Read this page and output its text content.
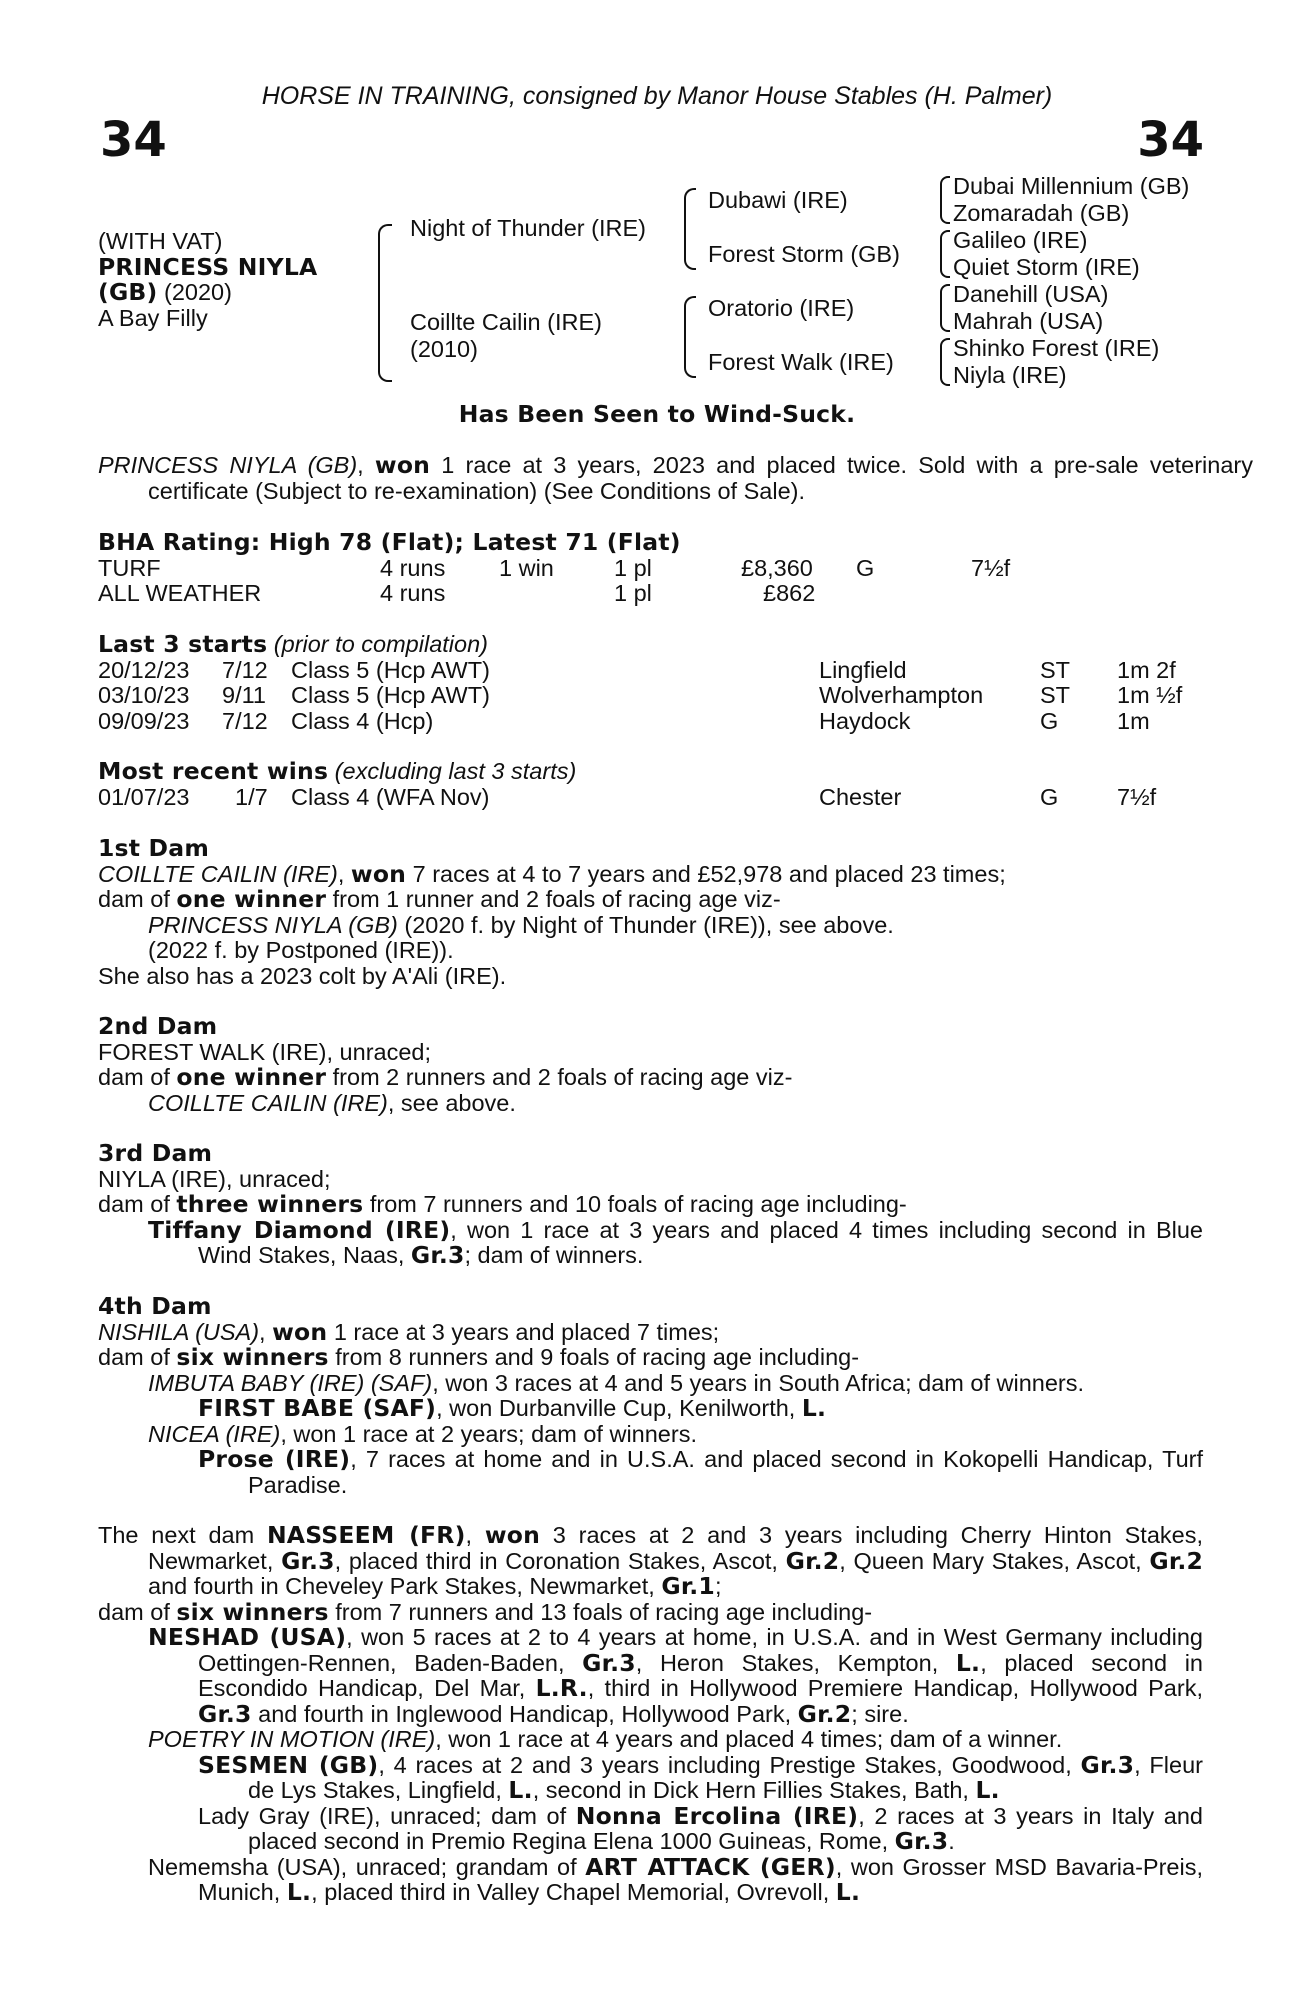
HORSE IN TRAINING, consigned by Manor House Stables (H. Palmer)
34	34
(WITH VAT)
PRINCESS NIYLA
(GB) (2020)
A Bay Filly
Night of Thunder (IRE)
Coillte Cailin (IRE)
(2010)
Dubawi (IRE)
Forest Storm (GB)
Oratorio (IRE)
Forest Walk (IRE)
Dubai Millennium (GB)
Zomaradah (GB)
Galileo (IRE)
Quiet Storm (IRE)
Danehill (USA)
Mahrah (USA)
Shinko Forest (IRE)
Niyla (IRE)
Has Been Seen to Wind-Suck.
PRINCESS NIYLA (GB), won 1 race at 3 years, 2023 and placed twice. Sold with a pre-sale veterinary certificate (Subject to re-examination) (See Conditions of Sale).
BHA Rating: High 78 (Flat); Latest 71 (Flat)
TURF	4 runs 1 win	1 pl	£8,360 G	7½f
ALL WEATHER	4 runs	1 pl	£862
Last 3 starts (prior to compilation)
20/12/23 7/12 Class 5 (Hcp AWT)	Lingfield	ST 1m 2f
03/10/23 9/11 Class 5 (Hcp AWT)	Wolverhampton ST 1m ½f
09/09/23 7/12 Class 4 (Hcp)	Haydock	G 1m
Most recent wins (excluding last 3 starts)
01/07/23 1/7 Class 4 (WFA Nov)	Chester	G 7½f
1st Dam
COILLTE CAILIN (IRE), won 7 races at 4 to 7 years and £52,978 and placed 23 times;
dam of one winner from 1 runner and 2 foals of racing age viz-
PRINCESS NIYLA (GB) (2020 f. by Night of Thunder (IRE)), see above.
(2022 f. by Postponed (IRE)).
She also has a 2023 colt by A'Ali (IRE).
2nd Dam
FOREST WALK (IRE), unraced;
dam of one winner from 2 runners and 2 foals of racing age viz-
COILLTE CAILIN (IRE), see above.
3rd Dam
NIYLA (IRE), unraced;
dam of three winners from 7 runners and 10 foals of racing age including-
Tiffany Diamond (IRE), won 1 race at 3 years and placed 4 times including second in Blue Wind Stakes, Naas, Gr.3; dam of winners.
4th Dam
NISHILA (USA), won 1 race at 3 years and placed 7 times;
dam of six winners from 8 runners and 9 foals of racing age including-
IMBUTA BABY (IRE) (SAF), won 3 races at 4 and 5 years in South Africa; dam of winners.
FIRST BABE (SAF), won Durbanville Cup, Kenilworth, L.
NICEA (IRE), won 1 race at 2 years; dam of winners.
Prose (IRE), 7 races at home and in U.S.A. and placed second in Kokopelli Handicap, Turf Paradise.
The next dam NASSEEM (FR), won 3 races at 2 and 3 years including Cherry Hinton Stakes, Newmarket, Gr.3, placed third in Coronation Stakes, Ascot, Gr.2, Queen Mary Stakes, Ascot, Gr.2 and fourth in Cheveley Park Stakes, Newmarket, Gr.1;
dam of six winners from 7 runners and 13 foals of racing age including-
NESHAD (USA), won 5 races at 2 to 4 years at home, in U.S.A. and in West Germany including Oettingen-Rennen, Baden-Baden, Gr.3, Heron Stakes, Kempton, L., placed second in Escondido Handicap, Del Mar, L.R., third in Hollywood Premiere Handicap, Hollywood Park, Gr.3 and fourth in Inglewood Handicap, Hollywood Park, Gr.2; sire.
POETRY IN MOTION (IRE), won 1 race at 4 years and placed 4 times; dam of a winner.
SESMEN (GB), 4 races at 2 and 3 years including Prestige Stakes, Goodwood, Gr.3, Fleur de Lys Stakes, Lingfield, L., second in Dick Hern Fillies Stakes, Bath, L.
Lady Gray (IRE), unraced; dam of Nonna Ercolina (IRE), 2 races at 3 years in Italy and placed second in Premio Regina Elena 1000 Guineas, Rome, Gr.3.
Nememsha (USA), unraced; grandam of ART ATTACK (GER), won Grosser MSD Bavaria-Preis, Munich, L., placed third in Valley Chapel Memorial, Ovrevoll, L.
